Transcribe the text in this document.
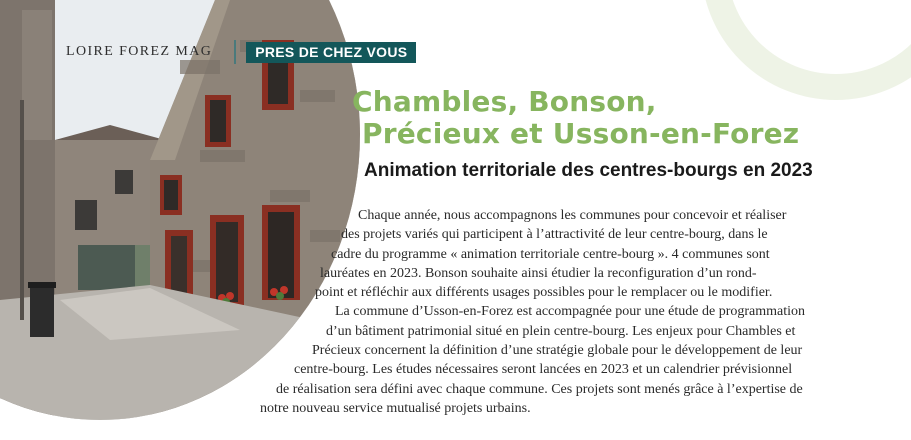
LOIRE FOREZ MAG	PRES DE CHEZ VOUS
Chambles, Bonson,
Précieux et Usson-en-Forez
Animation territoriale des centres-bourgs en 2023

Chaque année, nous accompagnons les communes pour concevoir et réaliser
des projets variés qui participent à l’attractivité de leur centre-bourg, dans le
cadre du programme « animation territoriale centre-bourg ». 4 communes sont
lauréates en 2023. Bonson souhaite ainsi étudier la reconfiguration d’un rond-
point et réfléchir aux différents usages possibles pour le remplacer ou le modifier.
La commune d’Usson-en-Forez est accompagnée pour une étude de programmation
d’un bâtiment patrimonial situé en plein centre-bourg. Les enjeux pour Chambles et
Précieux concernent la définition d’une stratégie globale pour le développement de leur
centre-bourg. Les études nécessaires seront lancées en 2023 et un calendrier prévisionnel
de réalisation sera défini avec chaque commune. Ces projets sont menés grâce à l’expertise de
notre nouveau service mutualisé projets urbains.
